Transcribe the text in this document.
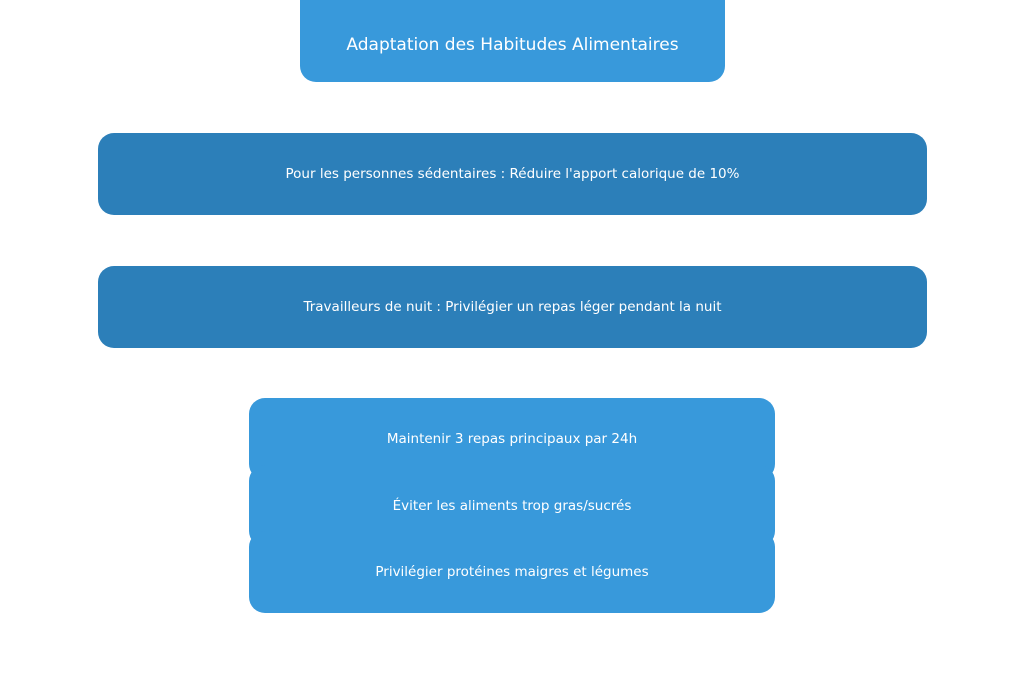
Adaptation des Habitudes Alimentaires
Pour les personnes sédentaires : Réduire l'apport calorique de 10%
Travailleurs de nuit : Privilégier un repas léger pendant la nuit
Maintenir 3 repas principaux par 24h
Éviter les aliments trop gras/sucrés
Privilégier protéines maigres et légumes
